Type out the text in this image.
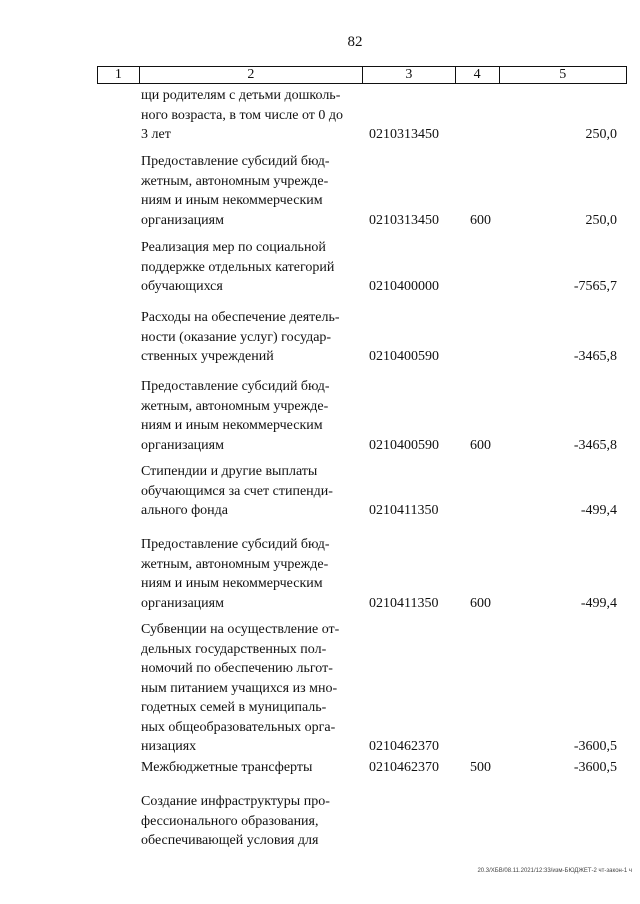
82
1	2	3	4	5
щи родителям с детьми дошколь-
ного возраста, в том числе от 0 до
3 лет	0210313450	250,0
Предоставление субсидий бюд-
жетным, автономным учрежде-
ниям и иным некоммерческим
организациям	0210313450 600	250,0
Реализация мер по социальной
поддержке отдельных категорий
обучающихся	0210400000	-7565,7
Расходы на обеспечение деятель-
ности (оказание услуг) государ-
ственных учреждений	0210400590	-3465,8
Предоставление субсидий бюд-
жетным, автономным учрежде-
ниям и иным некоммерческим
организациям	0210400590 600	-3465,8
Стипендии и другие выплаты
обучающимся за счет стипенди-
ального фонда	0210411350	-499,4
Предоставление субсидий бюд-
жетным, автономным учрежде-
ниям и иным некоммерческим
организациям	0210411350 600	-499,4
Субвенции на осуществление от-
дельных государственных пол-
номочий по обеспечению льгот-
ным питанием учащихся из мно-
годетных семей в муниципаль-
ных общеобразовательных орга-
низациях	0210462370	-3600,5
Межбюджетные трансферты	0210462370 500	-3600,5
Создание инфраструктуры про-
фессионального образования,
обеспечивающей условия для
20.3/ХБВ/08.11.2021/12:33/изм-БЮДЖЕТ-2 чт-закон-1 ч
